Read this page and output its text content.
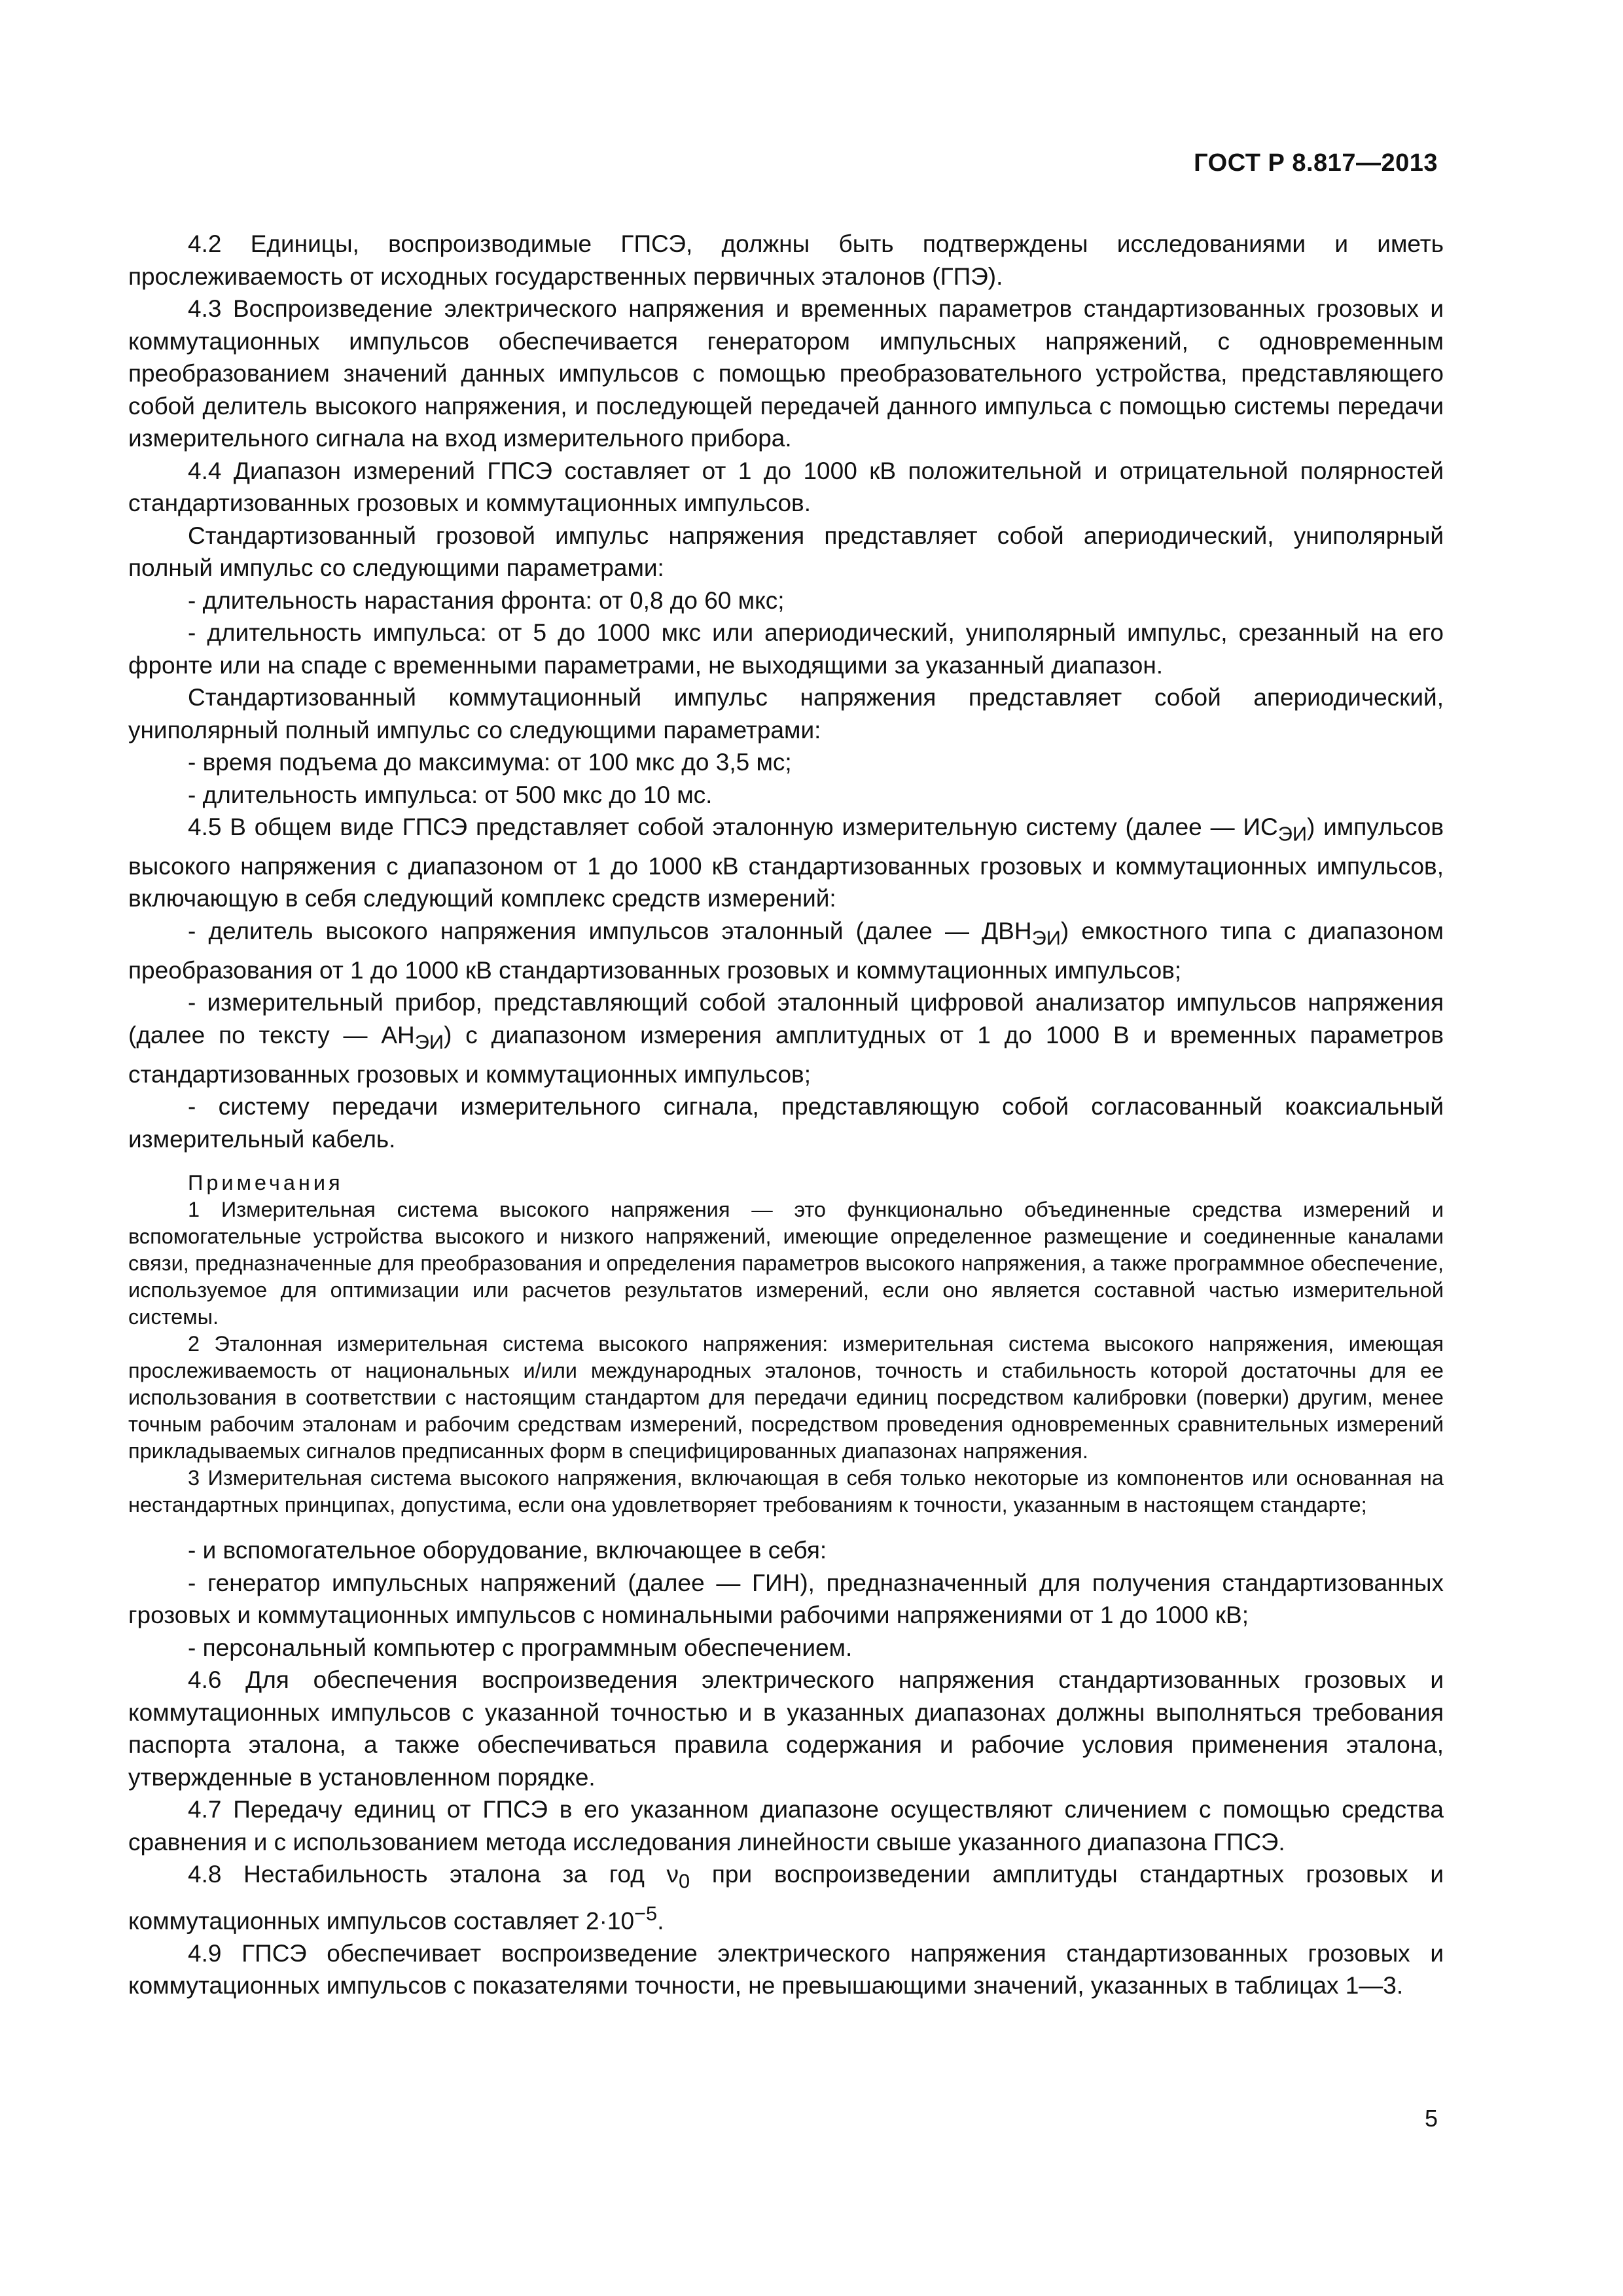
ГОСТ Р 8.817—2013

4.2 Единицы, воспроизводимые ГПСЭ, должны быть подтверждены исследованиями и иметь прослеживаемость от исходных государственных первичных эталонов (ГПЭ).

4.3 Воспроизведение электрического напряжения и временных параметров стандартизованных грозовых и коммутационных импульсов обеспечивается генератором импульсных напряжений, с одновременным преобразованием значений данных импульсов с помощью преобразовательного устройства, представляющего собой делитель высокого напряжения, и последующей передачей данного импульса с помощью системы передачи измерительного сигнала на вход измерительного прибора.

4.4 Диапазон измерений ГПСЭ составляет от 1 до 1000 кВ положительной и отрицательной полярностей стандартизованных грозовых и коммутационных импульсов.

Стандартизованный грозовой импульс напряжения представляет собой апериодический, униполярный полный импульс со следующими параметрами:

- длительность нарастания фронта: от 0,8 до 60 мкс;

- длительность импульса: от 5 до 1000 мкс или апериодический, униполярный импульс, срезанный на его фронте или на спаде с временными параметрами, не выходящими за указанный диапазон.

Стандартизованный коммутационный импульс напряжения представляет собой апериодический, униполярный полный импульс со следующими параметрами:

- время подъема до максимума: от 100 мкс до 3,5 мс;

- длительность импульса: от 500 мкс до 10 мс.

4.5 В общем виде ГПСЭ представляет собой эталонную измерительную систему (далее — $ИС_{ЭИ}$) импульсов высокого напряжения с диапазоном от 1 до 1000 кВ стандартизованных грозовых и коммутационных импульсов, включающую в себя следующий комплекс средств измерений:

- делитель высокого напряжения импульсов эталонный (далее — $ДВН_{ЭИ}$) емкостного типа с диапазоном преобразования от 1 до 1000 кВ стандартизованных грозовых и коммутационных импульсов;

- измерительный прибор, представляющий собой эталонный цифровой анализатор импульсов напряжения (далее по тексту — $АН_{ЭИ}$) с диапазоном измерения амплитудных от 1 до 1000 В и временных параметров стандартизованных грозовых и коммутационных импульсов;

- систему передачи измерительного сигнала, представляющую собой согласованный коаксиальный измерительный кабель.

Примечания

1 Измерительная система высокого напряжения — это функционально объединенные средства измерений и вспомогательные устройства высокого и низкого напряжений, имеющие определенное размещение и соединенные каналами связи, предназначенные для преобразования и определения параметров высокого напряжения, а также программное обеспечение, используемое для оптимизации или расчетов результатов измерений, если оно является составной частью измерительной системы.

2 Эталонная измерительная система высокого напряжения: измерительная система высокого напряжения, имеющая прослеживаемость от национальных и/или международных эталонов, точность и стабильность которой достаточны для ее использования в соответствии с настоящим стандартом для передачи единиц посредством калибровки (поверки) другим, менее точным рабочим эталонам и рабочим средствам измерений, посредством проведения одновременных сравнительных измерений прикладываемых сигналов предписанных форм в специфицированных диапазонах напряжения.

3 Измерительная система высокого напряжения, включающая в себя только некоторые из компонентов или основанная на нестандартных принципах, допустима, если она удовлетворяет требованиям к точности, указанным в настоящем стандарте;

- и вспомогательное оборудование, включающее в себя:

- генератор импульсных напряжений (далее — ГИН), предназначенный для получения стандартизованных грозовых и коммутационных импульсов с номинальными рабочими напряжениями от 1 до 1000 кВ;

- персональный компьютер с программным обеспечением.

4.6 Для обеспечения воспроизведения электрического напряжения стандартизованных грозовых и коммутационных импульсов с указанной точностью и в указанных диапазонах должны выполняться требования паспорта эталона, а также обеспечиваться правила содержания и рабочие условия применения эталона, утвержденные в установленном порядке.

4.7 Передачу единиц от ГПСЭ в его указанном диапазоне осуществляют сличением с помощью средства сравнения и с использованием метода исследования линейности свыше указанного диапазона ГПСЭ.

4.8 Нестабильность эталона за год $\nu_0$ при воспроизведении амплитуды стандартных грозовых и коммутационных импульсов составляет $2\cdot 10^{-5}$.

4.9 ГПСЭ обеспечивает воспроизведение электрического напряжения стандартизованных грозовых и коммутационных импульсов с показателями точности, не превышающими значений, указанных в таблицах 1—3.

5
